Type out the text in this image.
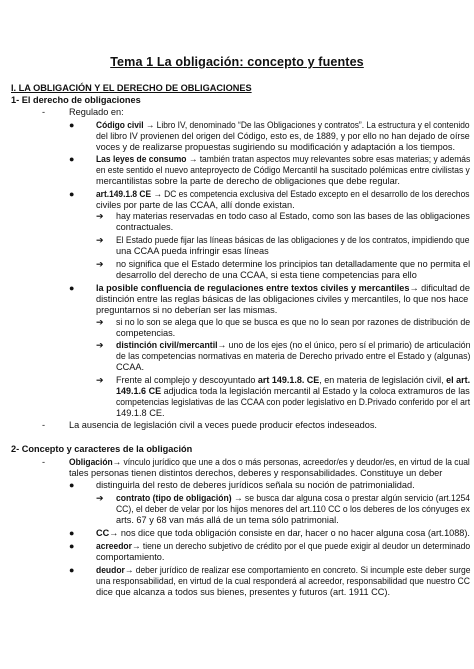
Tema 1 La obligación: concepto y fuentes
I. LA OBLIGACIÓN Y EL DERECHO DE OBLIGACIONES
1- El derecho de obligaciones
-	Regulado en:
● Código civil → Libro IV, denominado “De las Obligaciones y contratos”. La estructura y el contenido
del libro IV provienen del origen del Código, esto es, de 1889, y por ello no han dejado de oírse
voces y de realizarse propuestas sugiriendo su modificación y adaptación a los tiempos.
● Las leyes de consumo → también tratan aspectos muy relevantes sobre esas materias; y además
en este sentido el nuevo anteproyecto de Código Mercantil ha suscitado polémicas entre civilistas y
mercantilistas sobre la parte de derecho de obligaciones que debe regular.
● art.149.1.8 CE → DC es competencia exclusiva del Estado excepto en el desarrollo de los derechos
civiles por parte de las CCAA, allí donde existan.
➔ hay materias reservadas en todo caso al Estado, como son las bases de las obligaciones
contractuales.
➔ El Estado puede fijar las líneas básicas de las obligaciones y de los contratos, impidiendo que
una CCAA pueda infringir esas líneas
➔ no significa que el Estado determine los principios tan detalladamente que no permita el
desarrollo del derecho de una CCAA, si esta tiene competencias para ello
● la posible confluencia de regulaciones entre textos civiles y mercantiles→ dificultad de
distinción entre las reglas básicas de las obligaciones civiles y mercantiles, lo que nos hace
preguntarnos si no deberían ser las mismas.
➔ si no lo son se alega que lo que se busca es que no lo sean por razones de distribución de
competencias.
➔ distinción civil/mercantil→ uno de los ejes (no el único, pero sí el primario) de articulación
de las competencias normativas en materia de Derecho privado entre el Estado y (algunas)
CCAA.
➔ Frente al complejo y descoyuntado art 149.1.8. CE, en materia de legislación civil, el art.
149.1.6 CE adjudica toda la legislación mercantil al Estado y la coloca extramuros de las
competencias legislativas de las CCAA con poder legislativo en D.Privado conferido por el art
149.1.8 CE.
-	La ausencia de legislación civil a veces puede producir efectos indeseados.
2- Concepto y caracteres de la obligación
-	Obligación→ vínculo jurídico que une a dos o más personas, acreedor/es y deudor/es, en virtud de la cual
tales personas tienen distintos derechos, deberes y responsabilidades. Constituye un deber
● distinguirla del resto de deberes jurídicos señala su noción de patrimonialidad.
➔ contrato (tipo de obligación) → se busca dar alguna cosa o prestar algún servicio (art.1254
CC), el deber de velar por los hijos menores del art.110 CC o los deberes de los cónyuges ex
arts. 67 y 68 van más allá de un tema sólo patrimonial.
● CC→ nos dice que toda obligación consiste en dar, hacer o no hacer alguna cosa (art.1088).
● acreedor→ tiene un derecho subjetivo de crédito por el que puede exigir al deudor un determinado
comportamiento.
● deudor→ deber jurídico de realizar ese comportamiento en concreto. Si incumple este deber surge
una responsabilidad, en virtud de la cual responderá al acreedor, responsabilidad que nuestro CC
dice que alcanza a todos sus bienes, presentes y futuros (art. 1911 CC).
